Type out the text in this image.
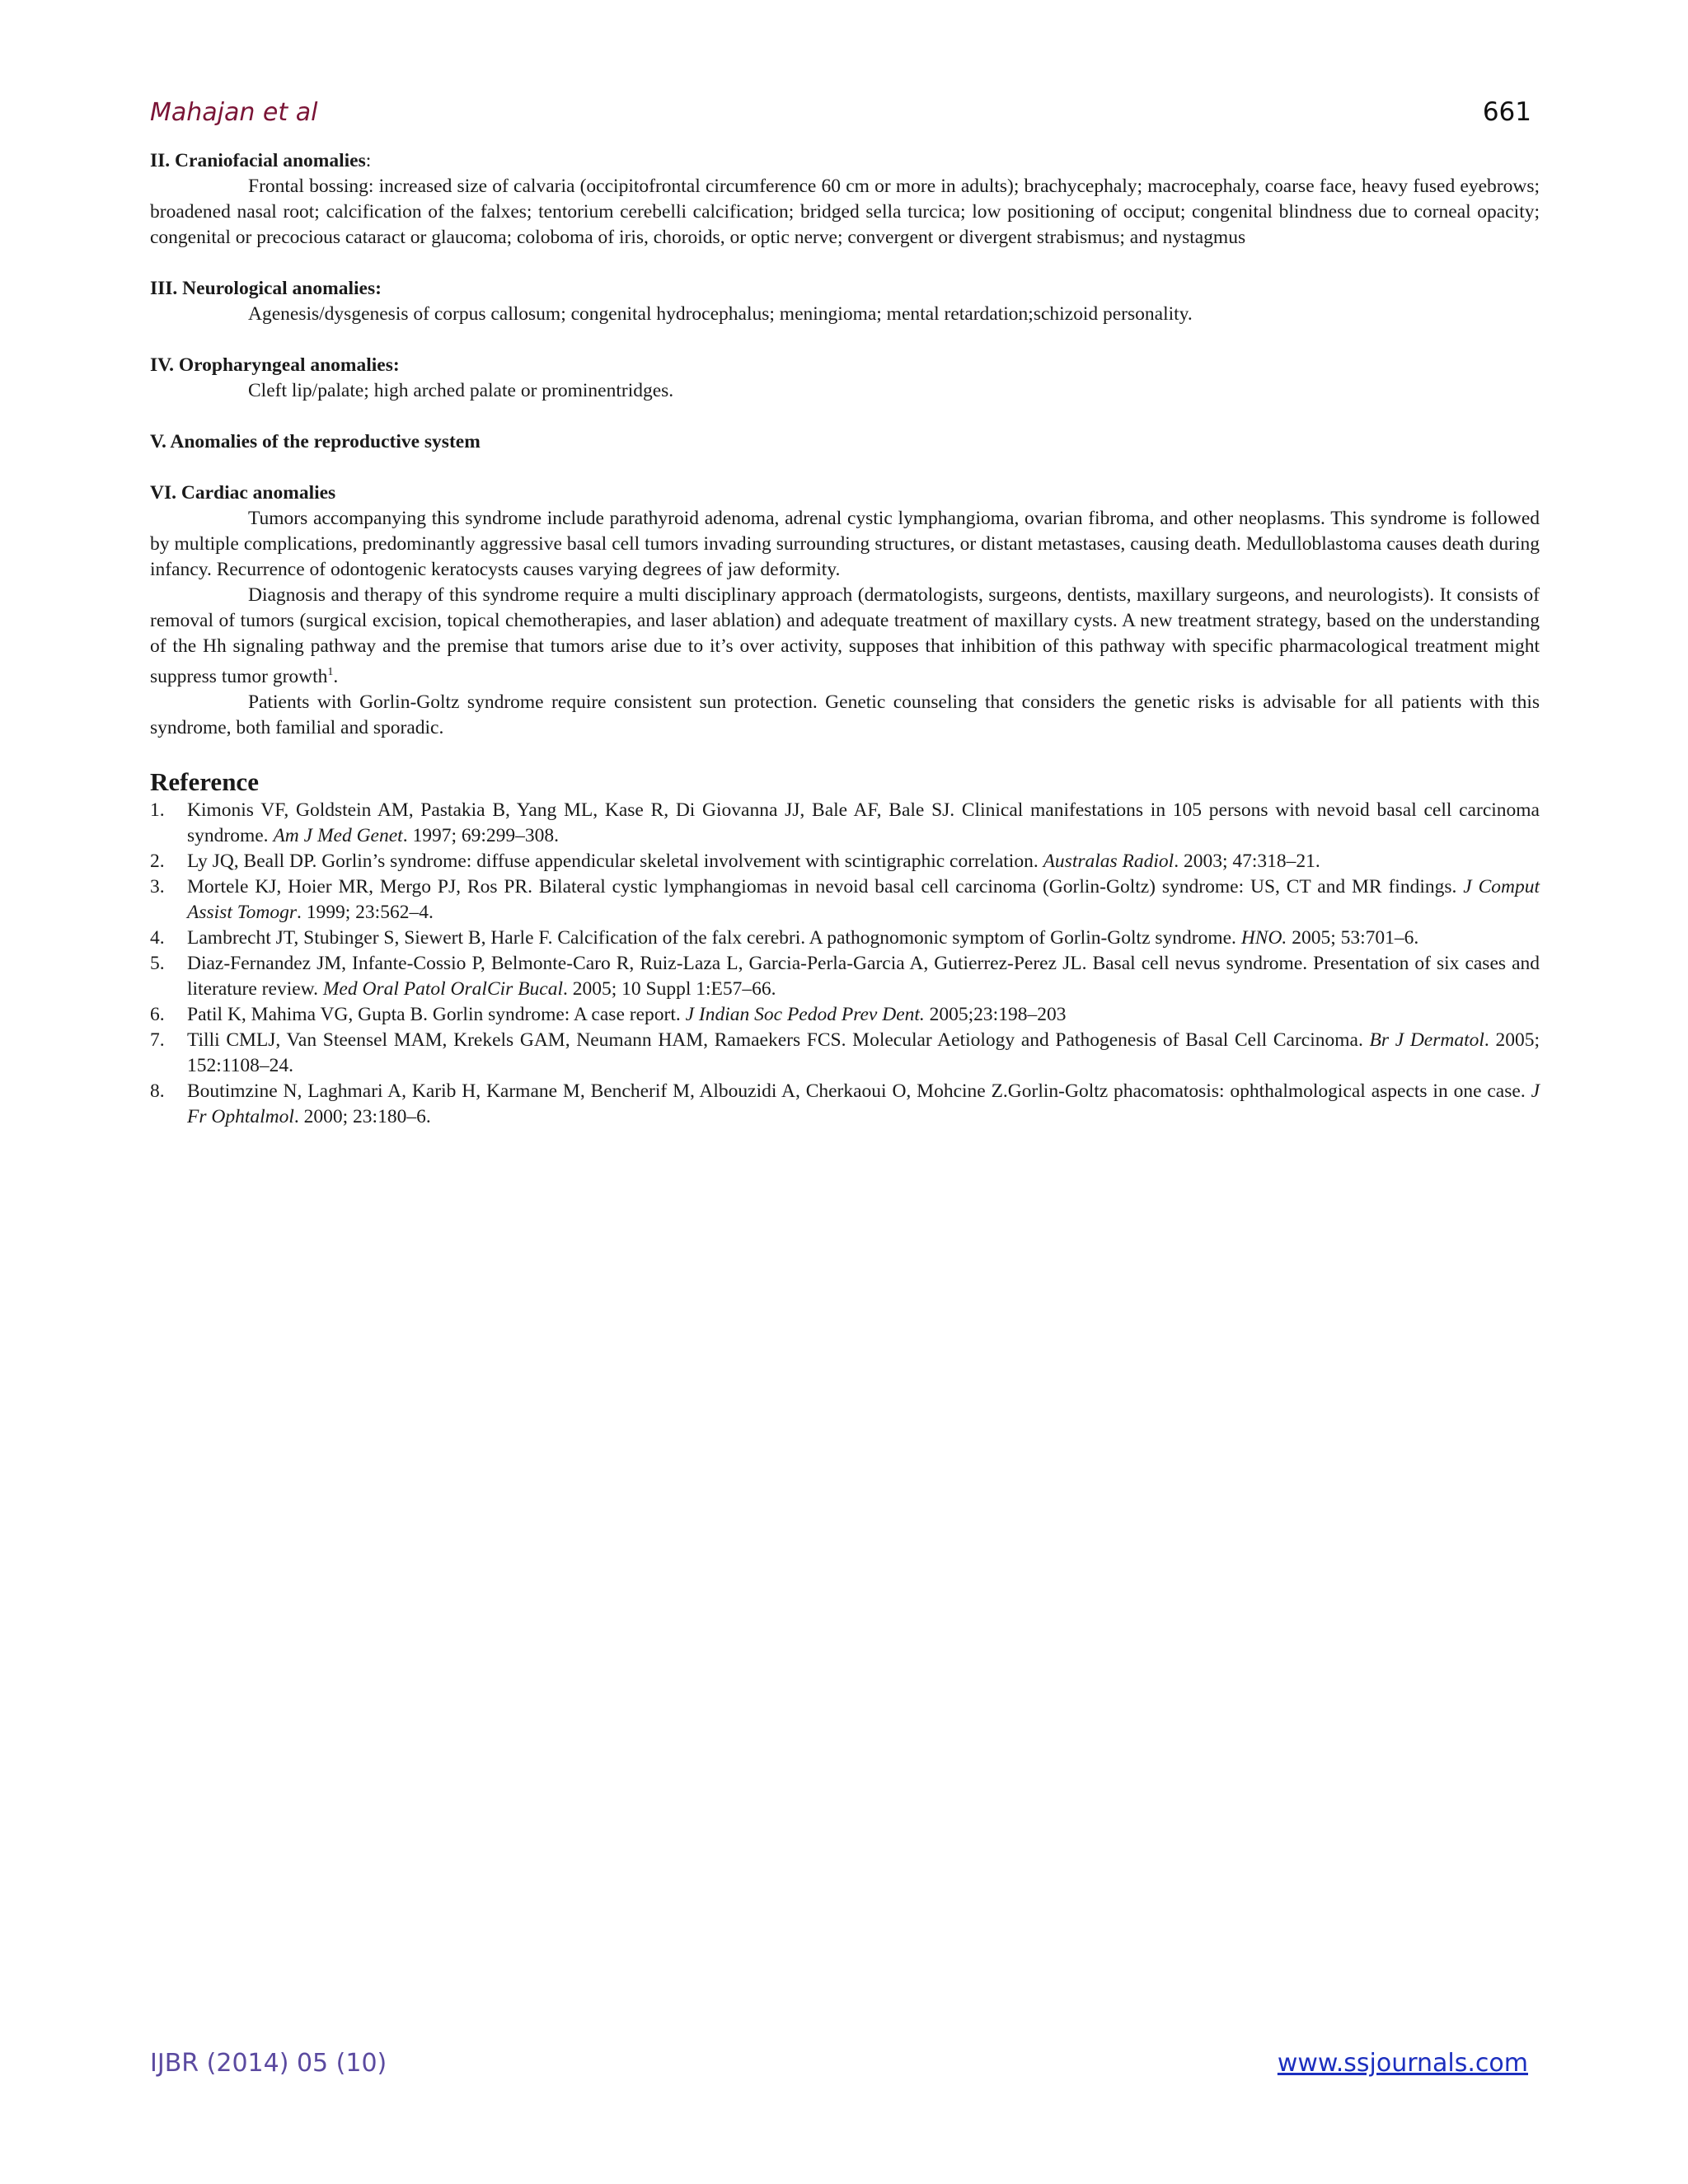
Mahajan et al	661
II. Craniofacial anomalies:

Frontal bossing: increased size of calvaria (occipitofrontal circumference 60 cm or more in adults); brachycephaly; macrocephaly, coarse face, heavy fused eyebrows; broadened nasal root; calcification of the falxes; tentorium cerebelli calcification; bridged sella turcica; low positioning of occiput; congenital blindness due to corneal opacity; congenital or precocious cataract or glaucoma; coloboma of iris, choroids, or optic nerve; convergent or divergent strabismus; and nystagmus

III. Neurological anomalies:

Agenesis/dysgenesis of corpus callosum; congenital hydrocephalus; meningioma; mental retardation;schizoid personality.

IV. Oropharyngeal anomalies:

Cleft lip/palate; high arched palate or prominentridges.

V. Anomalies of the reproductive system
VI. Cardiac anomalies

Tumors accompanying this syndrome include parathyroid adenoma, adrenal cystic lymphangioma, ovarian fibroma, and other neoplasms. This syndrome is followed by multiple complications, predominantly aggressive basal cell tumors invading surrounding structures, or distant metastases, causing death. Medulloblastoma causes death during infancy. Recurrence of odontogenic keratocysts causes varying degrees of jaw deformity.

Diagnosis and therapy of this syndrome require a multi disciplinary approach (dermatologists, surgeons, dentists, maxillary surgeons, and neurologists). It consists of removal of tumors (surgical excision, topical chemotherapies, and laser ablation) and adequate treatment of maxillary cysts. A new treatment strategy, based on the understanding of the Hh signaling pathway and the premise that tumors arise due to it’s over activity, supposes that inhibition of this pathway with specific pharmacological treatment might suppress tumor growth$^1$.

Patients with Gorlin-Goltz syndrome require consistent sun protection. Genetic counseling that considers the genetic risks is advisable for all patients with this syndrome, both familial and sporadic.

Reference
1. Kimonis VF, Goldstein AM, Pastakia B, Yang ML, Kase R, Di Giovanna JJ, Bale AF, Bale SJ. Clinical manifestations in 105 persons with nevoid basal cell carcinoma syndrome. Am J Med Genet. 1997; 69:299–308.
2. Ly JQ, Beall DP. Gorlin’s syndrome: diffuse appendicular skeletal involvement with scintigraphic correlation. Australas Radiol. 2003; 47:318–21.
3. Mortele KJ, Hoier MR, Mergo PJ, Ros PR. Bilateral cystic lymphangiomas in nevoid basal cell carcinoma (Gorlin-Goltz) syndrome: US, CT and MR findings. J Comput Assist Tomogr. 1999; 23:562–4.
4. Lambrecht JT, Stubinger S, Siewert B, Harle F. Calcification of the falx cerebri. A pathognomonic symptom of Gorlin-Goltz syndrome. HNO. 2005; 53:701–6.
5. Diaz-Fernandez JM, Infante-Cossio P, Belmonte-Caro R, Ruiz-Laza L, Garcia-Perla-Garcia A, Gutierrez-Perez JL. Basal cell nevus syndrome. Presentation of six cases and literature review. Med Oral Patol OralCir Bucal. 2005; 10 Suppl 1:E57–66.
6. Patil K, Mahima VG, Gupta B. Gorlin syndrome: A case report. J Indian Soc Pedod Prev Dent. 2005;23:198–203
7. Tilli CMLJ, Van Steensel MAM, Krekels GAM, Neumann HAM, Ramaekers FCS. Molecular Aetiology and Pathogenesis of Basal Cell Carcinoma. Br J Dermatol. 2005; 152:1108–24.
8. Boutimzine N, Laghmari A, Karib H, Karmane M, Bencherif M, Albouzidi A, Cherkaoui O, Mohcine Z.Gorlin-Goltz phacomatosis: ophthalmological aspects in one case. J Fr Ophtalmol. 2000; 23:180–6.
IJBR (2014) 05 (10)	www.ssjournals.com
